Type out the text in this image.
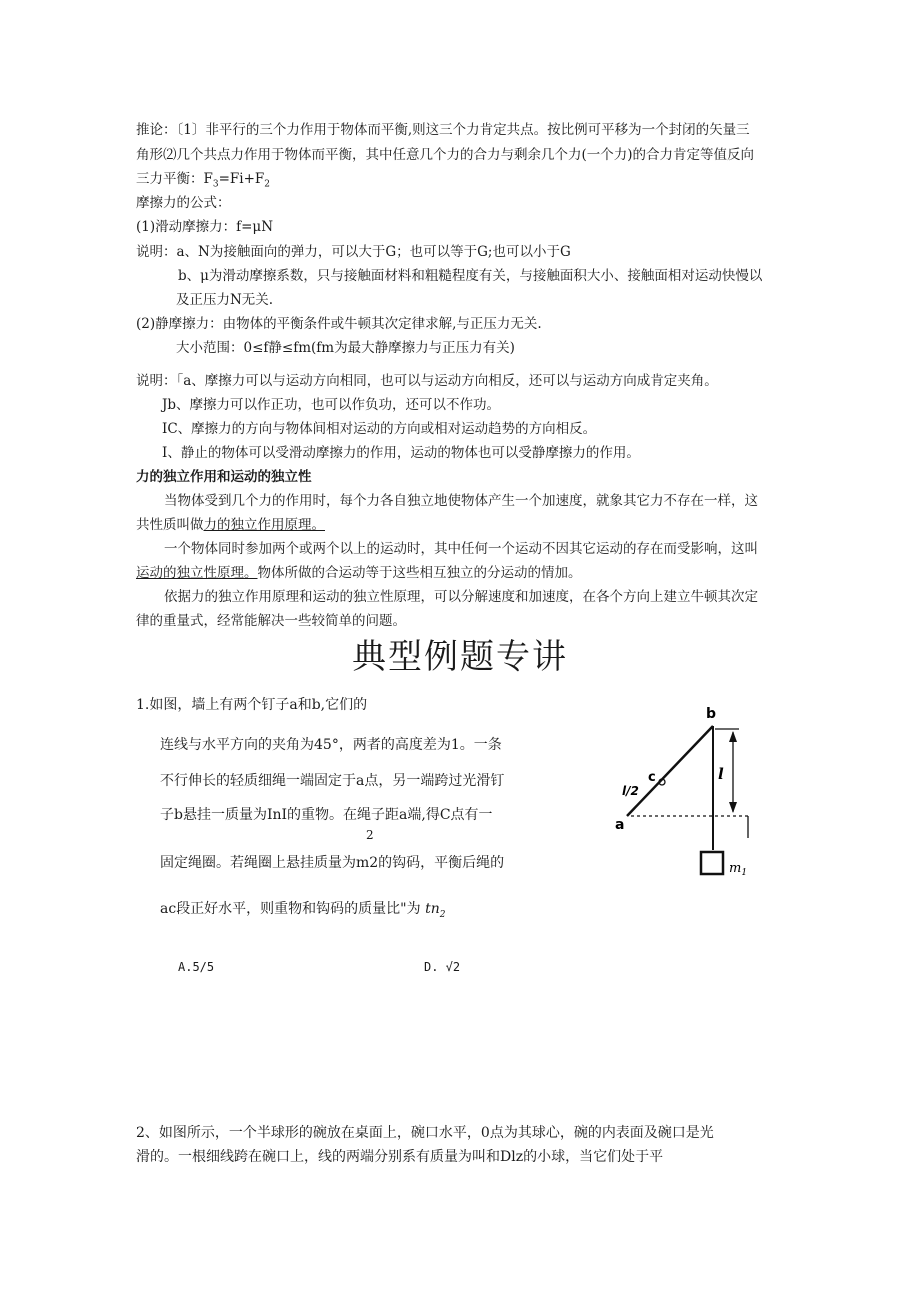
推论：〔1〕非平行的三个力作用于物体而平衡,则这三个力肯定共点。按比例可平移为一个封闭的矢量三
角形⑵几个共点力作用于物体而平衡，其中任意几个力的合力与剩余几个力(一个力)的合力肯定等值反向
三力平衡：$F_3=Fi+F_2$
摩擦力的公式：
(1)滑动摩擦力：f=μN
说明：a、N为接触面向的弹力，可以大于G；也可以等于G;也可以小于G
b、μ为滑动摩擦系数，只与接触面材料和粗糙程度有关，与接触面积大小、接触面相对运动快慢以
及正压力N无关.
(2)静摩擦力：由物体的平衡条件或牛顿其次定律求解,与正压力无关.
大小范围：0≤f静≤fm(fm为最大静摩擦力与正压力有关)
说明：「a、摩擦力可以与运动方向相同，也可以与运动方向相反，还可以与运动方向成肯定夹角。
Jb、摩擦力可以作正功，也可以作负功，还可以不作功。
IC、摩擦力的方向与物体间相对运动的方向或相对运动趋势的方向相反。
I、静止的物体可以受滑动摩擦力的作用，运动的物体也可以受静摩擦力的作用。
力的独立作用和运动的独立性
当物体受到几个力的作用时，每个力各自独立地使物体产生一个加速度，就象其它力不存在一样，这
共性质叫做力的独立作用原理。
一个物体同时参加两个或两个以上的运动时，其中任何一个运动不因其它运动的存在而受影响，这叫
运动的独立性原理。物体所做的合运动等于这些相互独立的分运动的情加。
依据力的独立作用原理和运动的独立性原理，可以分解速度和加速度，在各个方向上建立牛顿其次定
律的重量式，经常能解决一些较简单的问题。
典型例题专讲
1.如图，墙上有两个钉子a和b,它们的
连线与水平方向的夹角为45°，两者的高度差为1。一条
不行伸长的轻质细绳一端固定于a点，另一端跨过光滑钉
子b悬挂一质量为InI的重物。在绳子距a端,得C点有一
2
固定绳圈。若绳圈上悬挂质量为m2的钩码，平衡后绳的
ac段正好水平，则重物和钩码的质量比"为 $tn_2$
A.5/5	D. √2
b
a
c
l/2
l
$m_1$
2、如图所示，一个半球形的碗放在桌面上，碗口水平，0点为其球心，碗的内表面及碗口是光
滑的。一根细线跨在碗口上，线的两端分别系有质量为叫和Dlz的小球，当它们处于平
